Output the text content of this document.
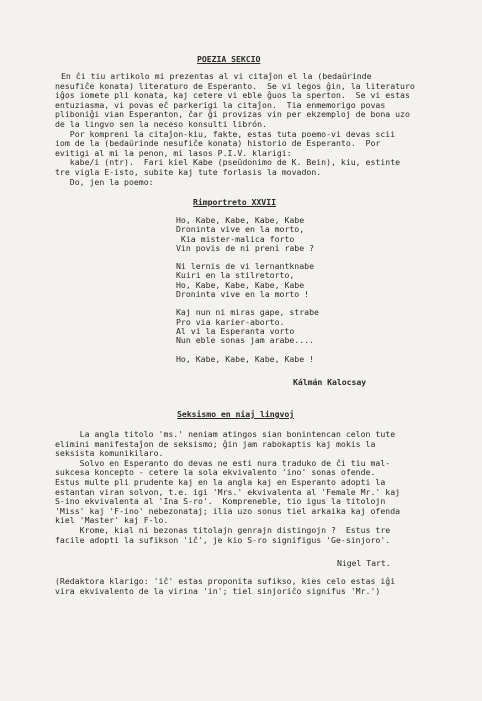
POEZIA SEKCIO
En ĉi tiu artikolo mi prezentas al vi citaĵon el la (bedaŭrinde
nesufiĉe konata) literaturo de Esperanto.  Se vi legos ĝin, la literaturo
iĝos iomete pli konata, kaj cetere vi eble ĝuos la sperton.  Se vi estas
entuziasma, vi povas eĉ parkerigi la citaĵon.  Tia enmemorigo povas
pliboniĝi vian Esperanton, ĉar ĝi provizas vin per ekzemploj de bona uzo
de la lingvo sen la neceso konsulti librón.
Por kompreni la citaĵon-kiu, fakte, estas tuta poemo-vi devas scii
iom de la (bedaŭrinde nesufiĉe konata) historio de Esperanto.  Por
evitigi al mi la penon, mi lasos P.I.V. klarigi:
kabe/i (ntr).  Fari kiel Kabe (pseŭdonimo de K. Bein), kiu, estinte
tre vigla E-isto, subite kaj tute forlasis la movadon.
Do, jen la poemo:
Rimportreto XXVII
Ho, Kabe, Kabe, Kabe, Kabe
Droninta vive en la morto,
Kia mister-malica forto
Vin povis de ni preni rabe ?
Ni lernis de vi lernantknabe
Kuiri en la stilretorto,
Ho, Kabe, Kabe, Kabe, Kabe
Droninta vive en la morto !
Kaj nun ni miras gape, strabe
Pro via karier-aborto.
Al vi la Esperanta vorto
Nun eble sonas jam arabe....
Ho, Kabe, Kabe, Kabe, Kabe !
Kálmán Kalocsay
Seksismo en niaj lingvoj
La angla titolo 'ms.' neniam atingos sian bonintencan celon tute
elimini manifestaĵon de seksismo; ĝin jam rabokaptis kaj mokis la
seksista komunikilaro.
Solvo en Esperanto do devas ne esti nura traduko de ĉi tiu mal-
sukcesa koncepto - cetere la sola ekvivalento 'ino' sonas ofende.
Estus multe pli prudente kaj en la angla kaj en Esperanto adopti la
estantan viran solvon, t.e. igi 'Mrs.' ekvivalenta al 'Female Mr.' kaj
S-ino ekvivalenta al 'Ina S-ro'.  Kompreneble, tio igus la titolojn
'Miss' kaj 'F-ino' nebezonataj; ilia uzo sonus tiel arkaika kaj ofenda
kiel 'Master' kaj F-lo.
Krome, kial ni bezonas titolajn genrajn distingojn ?  Estus tre
facile adopti la sufikson 'iĉ', je kio S-ro signifigus 'Ge-sinjoro'.
Nigel Tart.
(Redaktora klarigo: 'iĉ' estas proponita sufikso, kies celo estas iĝi
vira ekvivalento de la virina 'in'; tiel sinjoriĉo signifus 'Mr.')
